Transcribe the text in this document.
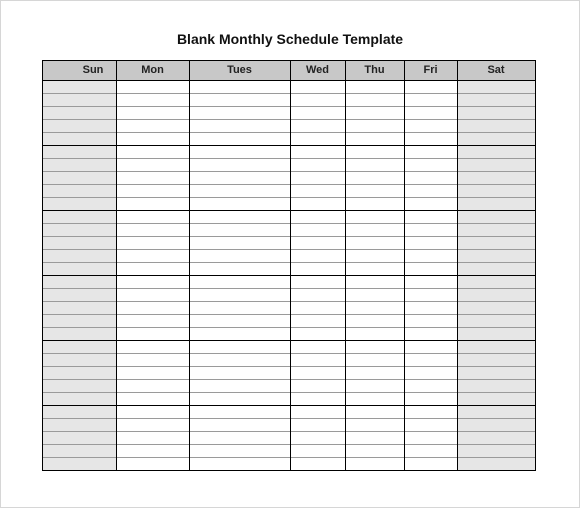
Blank Monthly Schedule Template
Sun	Mon	Tues	Wed	Thu	Fri	Sat
